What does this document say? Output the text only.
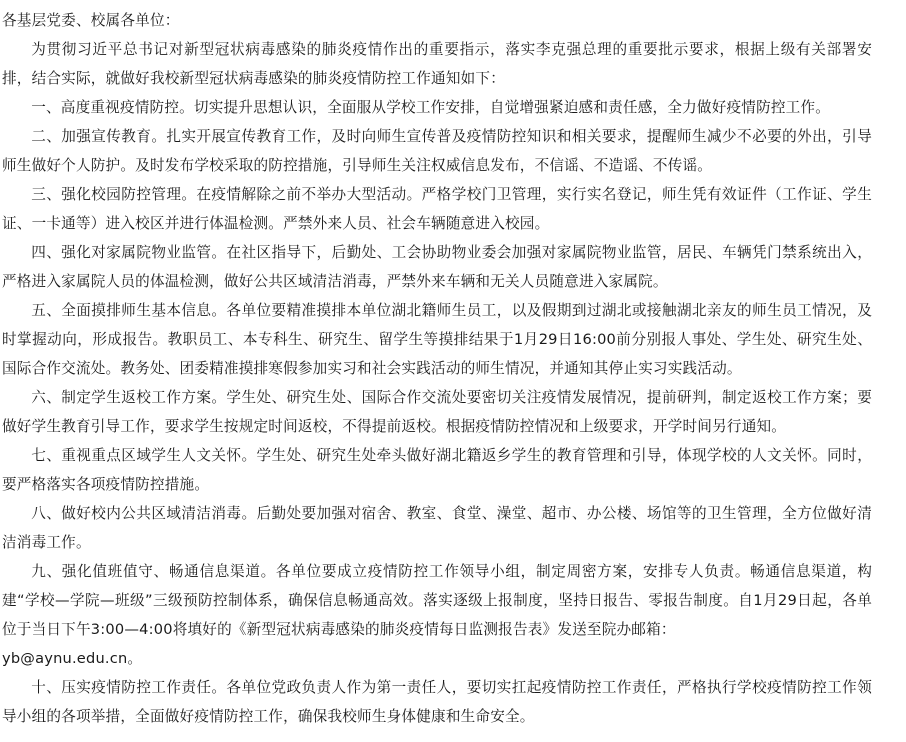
各基层党委、校属各单位：

为贯彻习近平总书记对新型冠状病毒感染的肺炎疫情作出的重要指示，落实李克强总理的重要批示要求，根据上级有关部署安排，结合实际，就做好我校新型冠状病毒感染的肺炎疫情防控工作通知如下：

一、高度重视疫情防控。切实提升思想认识，全面服从学校工作安排，自觉增强紧迫感和责任感，全力做好疫情防控工作。

二、加强宣传教育。扎实开展宣传教育工作，及时向师生宣传普及疫情防控知识和相关要求，提醒师生减少不必要的外出，引导师生做好个人防护。及时发布学校采取的防控措施，引导师生关注权威信息发布，不信谣、不造谣、不传谣。

三、强化校园防控管理。在疫情解除之前不举办大型活动。严格学校门卫管理，实行实名登记，师生凭有效证件（工作证、学生证、一卡通等）进入校区并进行体温检测。严禁外来人员、社会车辆随意进入校园。

四、强化对家属院物业监管。在社区指导下，后勤处、工会协助物业委会加强对家属院物业监管，居民、车辆凭门禁系统出入，严格进入家属院人员的体温检测，做好公共区域清洁消毒，严禁外来车辆和无关人员随意进入家属院。

五、全面摸排师生基本信息。各单位要精准摸排本单位湖北籍师生员工，以及假期到过湖北或接触湖北亲友的师生员工情况，及时掌握动向，形成报告。教职员工、本专科生、研究生、留学生等摸排结果于1月29日16:00前分别报人事处、学生处、研究生处、国际合作交流处。教务处、团委精准摸排寒假参加实习和社会实践活动的师生情况，并通知其停止实习实践活动。

六、制定学生返校工作方案。学生处、研究生处、国际合作交流处要密切关注疫情发展情况，提前研判，制定返校工作方案；要做好学生教育引导工作，要求学生按规定时间返校，不得提前返校。根据疫情防控情况和上级要求，开学时间另行通知。

七、重视重点区域学生人文关怀。学生处、研究生处牵头做好湖北籍返乡学生的教育管理和引导，体现学校的人文关怀。同时，要严格落实各项疫情防控措施。

八、做好校内公共区域清洁消毒。后勤处要加强对宿舍、教室、食堂、澡堂、超市、办公楼、场馆等的卫生管理，全方位做好清洁消毒工作。

九、强化值班值守、畅通信息渠道。各单位要成立疫情防控工作领导小组，制定周密方案，安排专人负责。畅通信息渠道，构建“学校—学院—班级”三级预防控制体系，确保信息畅通高效。落实逐级上报制度，坚持日报告、零报告制度。自1月29日起，各单位于当日下午3:00—4:00将填好的《新型冠状病毒感染的肺炎疫情每日监测报告表》发送至院办邮箱：

yb@aynu.edu.cn。

十、压实疫情防控工作责任。各单位党政负责人作为第一责任人，要切实扛起疫情防控工作责任，严格执行学校疫情防控工作领导小组的各项举措，全面做好疫情防控工作，确保我校师生身体健康和生命安全。
